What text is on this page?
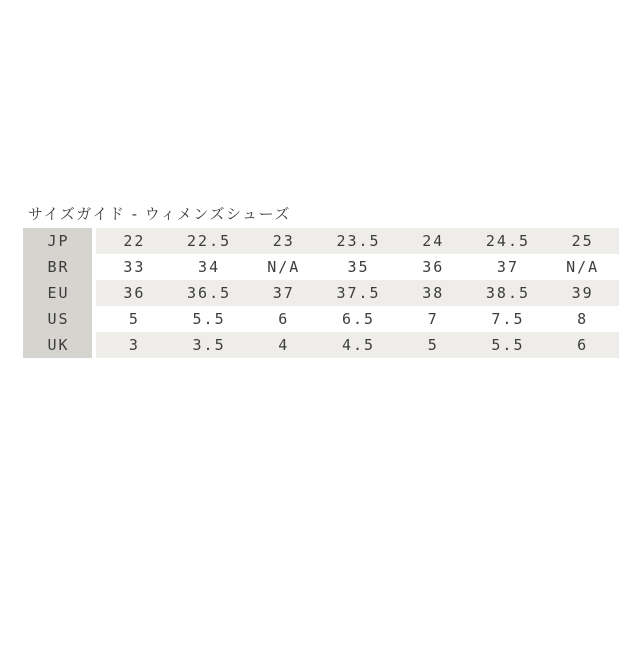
サイズガイド - ウィメンズシューズ
JP	22	22.5	23	23.5	24	24.5	25
BR	33	34	N/A	35	36	37	N/A
EU	36	36.5	37	37.5	38	38.5	39
US	5	5.5	6	6.5	7	7.5	8
UK	3	3.5	4	4.5	5	5.5	6
